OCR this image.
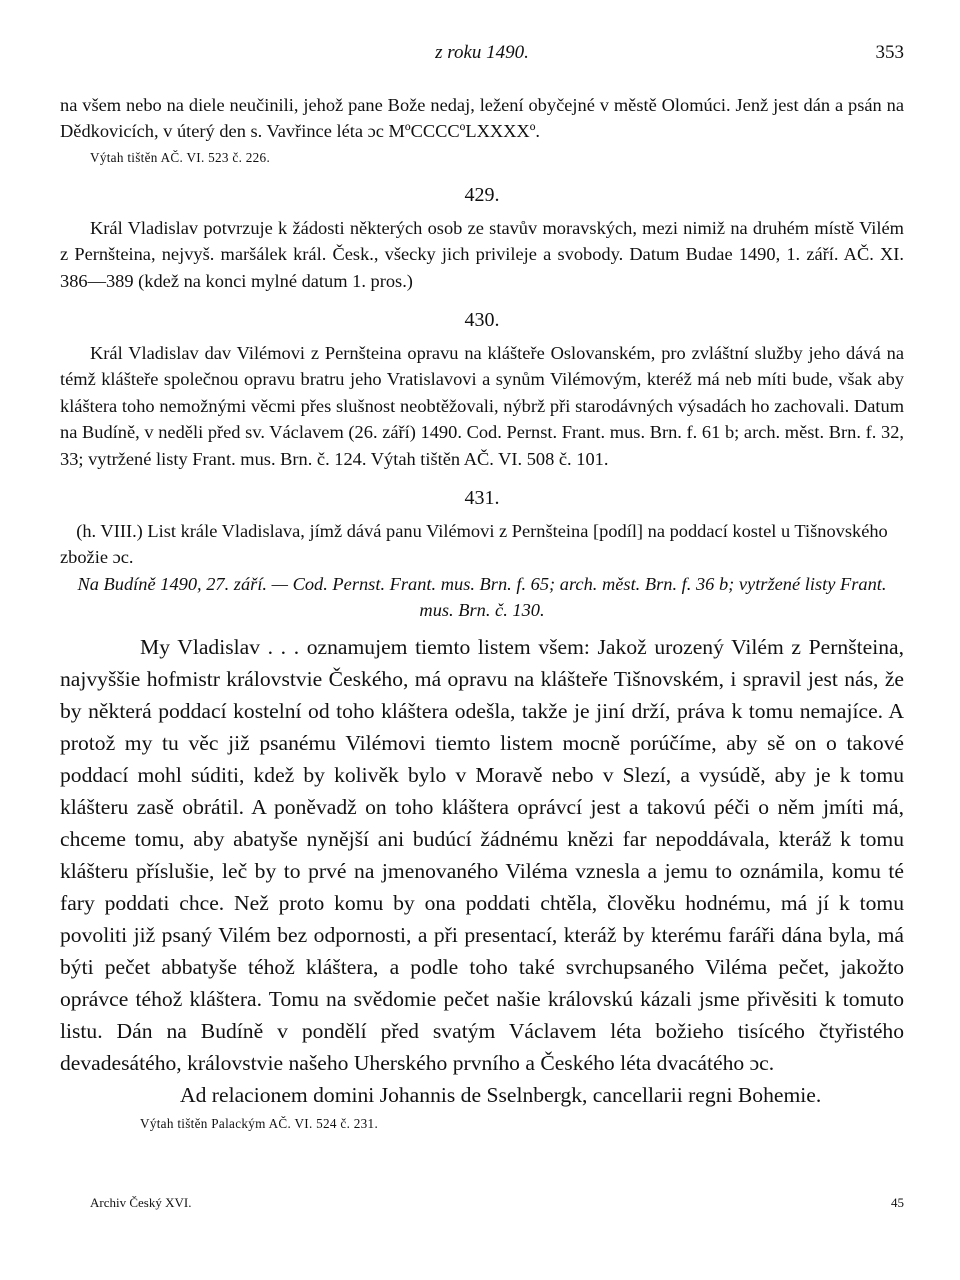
z roku 1490.	353

na všem nebo na diele neučinili, jehož pane Bože nedaj, ležení obyčejné v městě Olomúci. Jenž jest dán a psán na Dědkovicích, v úterý den s. Vavřince léta ɔc MºCCCCºLXXXXº.

Výtah tištěn AČ. VI. 523 č. 226.

429.

Král Vladislav potvrzuje k žádosti některých osob ze stavův moravských, mezi nimiž na druhém místě Vilém z Pernšteina, nejvyš. maršálek král. Česk., všecky jich privileje a svobody. Datum Budae 1490, 1. září. AČ. XI. 386—389 (kdež na konci mylné datum 1. pros.)

430.

Král Vladislav dav Vilémovi z Pernšteina opravu na klášteře Oslovanském, pro zvláštní služby jeho dává na témž klášteře společnou opravu bratru jeho Vratislavovi a synům Vilémovým, kteréž má neb míti bude, však aby kláštera toho nemožnými věcmi přes slušnost neobtěžovali, nýbrž při starodávných výsadách ho zachovali. Datum na Budíně, v neděli před sv. Václavem (26. září) 1490. Cod. Pernst. Frant. mus. Brn. f. 61 b; arch. měst. Brn. f. 32, 33; vytržené listy Frant. mus. Brn. č. 124. Výtah tištěn AČ. VI. 508 č. 101.

431.

(h. VIII.) List krále Vladislava, jímž dává panu Vilémovi z Pernšteina [podíl] na poddací kostel u Tišnovského zbožie ɔc.

Na Budíně 1490, 27. září. — Cod. Pernst. Frant. mus. Brn. f. 65; arch. měst. Brn. f. 36 b; vytržené listy Frant. mus. Brn. č. 130.

My Vladislav . . . oznamujem tiemto listem všem: Jakož urozený Vilém z Pernšteina, najvyššie hofmistr královstvie Českého, má opravu na klášteře Tišnovském, i spravil jest nás, že by některá poddací kostelní od toho kláštera odešla, takže je jiní drží, práva k tomu nemajíce. A protož my tu věc již psanému Vilémovi tiemto listem mocně porúčíme, aby sě on o takové poddací mohl súditi, kdež by kolivěk bylo v Moravě nebo v Slezí, a vysúdě, aby je k tomu klášteru zasě obrátil. A poněvadž on toho kláštera oprávcí jest a takovú péči o něm jmíti má, chceme tomu, aby abatyše nynější ani budúcí žádnému knězi far nepoddávala, kteráž k tomu klášteru příslušie, leč by to prvé na jmenovaného Viléma vznesla a jemu to oznámila, komu té fary poddati chce. Než proto komu by ona poddati chtěla, člověku hodnému, má jí k tomu povoliti již psaný Vilém bez odpornosti, a při presentací, kteráž by kterému faráři dána byla, má býti pečet abbatyše téhož kláštera, a podle toho také svrchupsaného Viléma pečet, jakožto oprávce téhož kláštera. Tomu na svědomie pečet našie královskú kázali jsme přivěsiti k tomuto listu. Dán na Budíně v pondělí před svatým Václavem léta božieho tisícého čtyřistého devadesátého, královstvie našeho Uherského prvního a Českého léta dvacátého ɔc.

Ad relacionem domini Johannis de Sselnbergk, cancellarii regni Bohemie.

Výtah tištěn Palackým AČ. VI. 524 č. 231.

Archiv Český XVI.	45
